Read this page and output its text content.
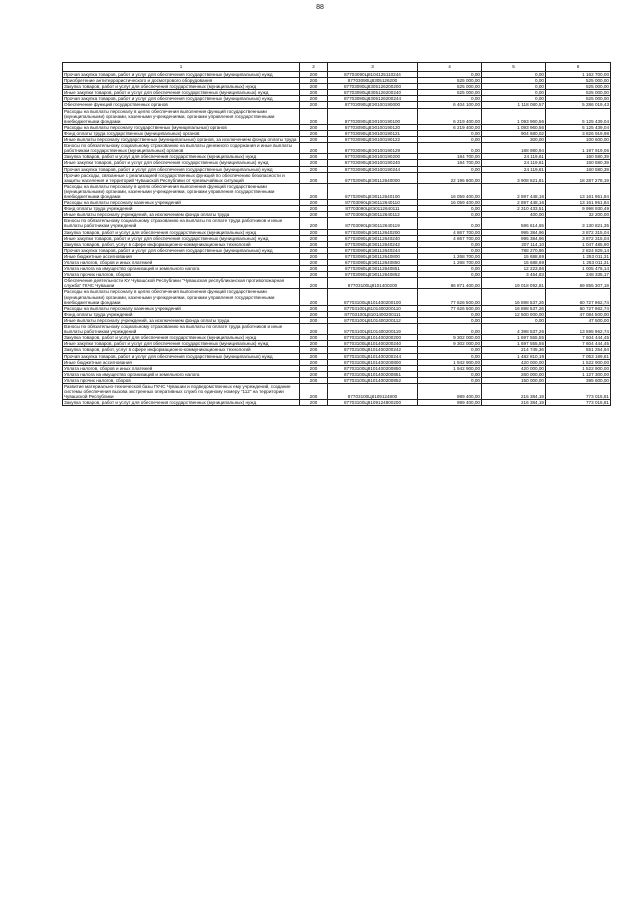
88
1	2	3	4	5	6
Прочая закупка товаров, работ и услуг для обеспечения государственных (муниципальных) нужд	200	87703090Ц8104125110244	0,00	0,00	1 162 700,00
Приобретение антитеррористического и досмотрового оборудования	200	87703090Ц8305126200	525 000,00	0,00	525 000,00
Закупка товаров, работ и услуг для обеспечения государственных (муниципальных) нужд	200	87703090Ц8305126200200	525 000,00	0,00	525 000,00
Иные закупки товаров, работ и услуг для обеспечения государственных (муниципальных) нужд	200	87703090Ц8305126200240	525 000,00	0,00	525 000,00
Прочая закупка товаров, работ и услуг для обеспечения государственных (муниципальных) нужд	200	87703090Ц8305126200244	0,00	0,00	525 000,00
Обеспечение функций государственных органов	200	87703090Ц8Э0100190000	6 404 100,00	1 118 080,57	5 286 019,43
Расходы на выплаты персоналу в целях обеспечения выполнения функций государственными (муниципальными) органами, казенными учреждениями, органами управления государственными внебюджетными фондами	200	87703090Ц8Э0100190100	6 219 400,00	1 093 960,56	5 125 439,04
Расходы на выплаты персоналу государственных (муниципальных) органов	200	87703090Ц8Э0100190120	6 219 400,00	1 093 960,56	5 125 439,04
Фонд оплаты труда государственных (муниципальных) органов	200	87703090Ц8Э0100190121	0,00	904 680,02	3 826 919,98
Иные выплаты персоналу государственных (муниципальных) органов, за исключением фонда оплаты труда	200	87703090Ц8Э0100190122	0,00	300,00	100 600,00
Взносы по обязательному социальному страхованию на выплаты денежного содержания и иные выплаты работникам государственных (муниципальных) органов	200	87703090Ц8Э0100190129	0,00	188 980,94	1 197 919,06
Закупка товаров, работ и услуг для обеспечения государственных (муниципальных) нужд	200	87703090Ц8Э0100190200	184 700,00	24 119,61	160 580,39
Иные закупки товаров, работ и услуг для обеспечения государственных (муниципальных) нужд	200	87703090Ц8Э0100190240	184 700,00	24 119,61	160 580,39
Прочая закупка товаров, работ и услуг для обеспечения государственных (муниципальных) нужд	200	87703090Ц8Э0100190244	0,00	24 119,61	160 580,39
Прочие расходы, связанные с реализацией государственных функций по обеспечению безопасности и защиты населения и территорий Чувашской Республики от чрезвычайных ситуаций	200	87703090Ц8Э0112640000	22 195 800,00	3 908 521,81	18 287 278,19
Расходы на выплаты персоналу в целях обеспечения выполнения функций государственными (муниципальными) органами, казенными учреждениями, органами управления государственными внебюджетными фондами	200	87703090Ц8Э0112640100	16 059 400,00	2 897 448,16	13 161 951,84
Расходы на выплаты персоналу казенных учреждений	200	87703090Ц8Э0112640110	16 059 400,00	2 897 448,16	13 161 951,84
Фонд оплаты труда учреждений	200	87703090Ц8Э0112640111	0,00	2 310 433,51	9 998 930,49
Иные выплаты персоналу учреждений, за исключением фонда оплаты труда	200	87703090Ц8Э0112640112	0,00	400,00	32 200,00
Взносы по обязательному социальному страхованию на выплаты по оплате труда работников и иные выплаты работникам учреждений	200	87703090Ц8Э0112640119	0,00	586 614,65	3 130 821,35
Закупка товаров, работ и услуг для обеспечения государственных (муниципальных) нужд	200	87703090Ц8Э0112640200	4 867 700,00	995 384,96	3 872 315,04
Иные закупки товаров, работ и услуг для обеспечения государственных (муниципальных) нужд	200	87703090Ц8Э0112640240	4 867 700,00	995 384,96	3 872 315,04
Закупка товаров, работ, услуг в сфере информационно-коммуникационных технологий	200	87703090Ц8Э0112640242	0,00	207 114,10	1 047 485,90
Прочая закупка товаров, работ и услуг для обеспечения государственных (муниципальных) нужд	200	87703090Ц8Э0112640244	0,00	788 270,86	2 824 829,14
Иные бюджетные ассигнования	200	87703090Ц8Э0112640800	1 268 700,00	15 688,69	1 253 011,31
Уплата налогов, сборов и иных платежей	200	87703090Ц8Э0112640850	1 268 700,00	15 688,69	1 253 011,31
Уплата налога на имущество организаций и земельного налога	200	87703090Ц8Э0112640851	0,00	12 223,86	1 005 476,14
Уплата прочих налогов, сборов	200	87703090Ц8Э0112640852	0,00	3 464,83	248 335,17
Обеспечение деятельности КУ Чувашской Республики "Чувашская республиканская противопожарная служба" ГКЧС Чувашии	200	87703100Ц8101400200	86 871 400,00	19 018 092,81	69 855 307,19
Расходы на выплаты персоналу в целях обеспечения выполнения функций государственными (муниципальными) органами, казенными учреждениями, органами управления государственными внебюджетными фондами	200	87703100Ц8101400200100	77 626 500,00	16 898 537,26	60 727 962,74
Расходы на выплаты персоналу казенных учреждений	200	87703100Ц8101400200110	77 626 500,00	16 898 537,26	60 727 962,74
Фонд оплаты труда учреждений	200	87703100Ц8101400200111	0,00	12 500 000,00	47 084 500,00
Иные выплаты персоналу учреждений, за исключением фонда оплаты труда	200	87703100Ц8101400200112	0,00	0,00	47 500,00
Взносы по обязательному социальному страхованию на выплаты по оплате труда работников и иные выплаты работникам учреждений	200	87703100Ц8101400200119	0,00	4 398 537,26	13 595 962,74
Закупка товаров, работ и услуг для обеспечения государственных (муниципальных) нужд	200	87703100Ц8101400200200	9 302 000,00	1 697 555,55	7 604 444,45
Иные закупки товаров, работ и услуг для обеспечения государственных (муниципальных) нужд	200	87703100Ц8101400200240	9 302 000,00	1 697 555,55	7 604 444,45
Закупка товаров, работ, услуг в сфере информационно-коммуникационных технологий	200	87703100Ц8101400200242	0,00	214 745,36	551 254,64
Прочая закупка товаров, работ и услуг для обеспечения государственных (муниципальных) нужд	200	87703100Ц8101400200244	0,00	1 482 810,19	7 053 189,81
Иные бюджетные ассигнования	200	87703100Ц8101400200800	1 942 900,00	420 000,00	1 522 900,00
Уплата налогов, сборов и иных платежей	200	87703100Ц8101400200850	1 942 900,00	420 000,00	1 522 900,00
Уплата налога на имущество организаций и земельного налога	200	87703100Ц8101400200851	0,00	260 000,00	1 127 300,00
Уплата прочих налогов, сборов	200	87703100Ц8101400200852	0,00	150 000,00	395 600,00
Развитие материально-технической базы ГКЧС Чувашии и подведомственных ему учреждений, создание системы обеспечения вызова экстренных оперативных служб по единому номеру "112" на территории Чувашской Республики	200	87703100Ц8109124800	989 400,00	216 384,19	773 015,81
Закупка товаров, работ и услуг для обеспечения государственных (муниципальных) нужд	200	87703100Ц8109124800200	989 400,00	216 384,19	773 015,81
